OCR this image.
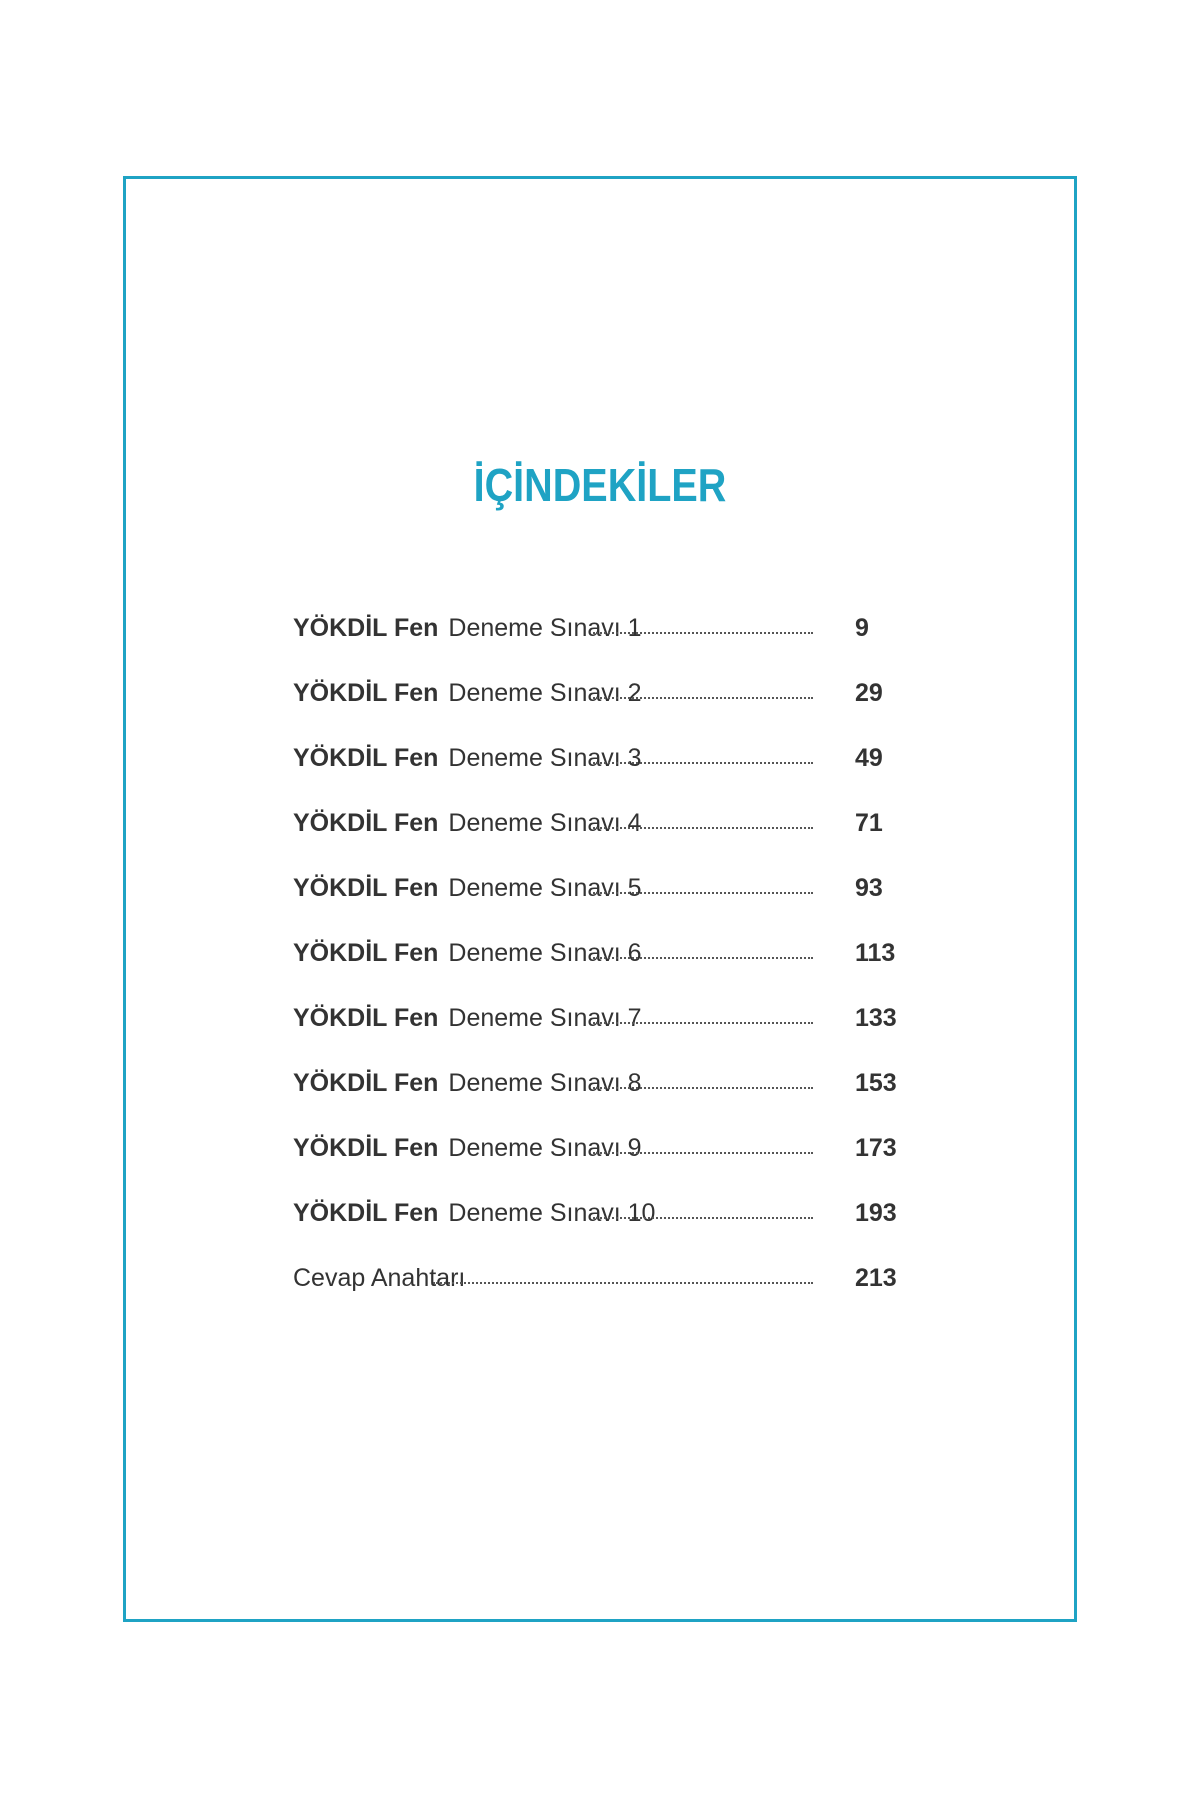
İÇİNDEKİLER
YÖKDİL Fen Deneme Sınavı 1	9
YÖKDİL Fen Deneme Sınavı 2	29
YÖKDİL Fen Deneme Sınavı 3	49
YÖKDİL Fen Deneme Sınavı 4	71
YÖKDİL Fen Deneme Sınavı 5	93
YÖKDİL Fen Deneme Sınavı 6	113
YÖKDİL Fen Deneme Sınavı 7	133
YÖKDİL Fen Deneme Sınavı 8	153
YÖKDİL Fen Deneme Sınavı 9	173
YÖKDİL Fen Deneme Sınavı 10	193
Cevap Anahtarı	213
